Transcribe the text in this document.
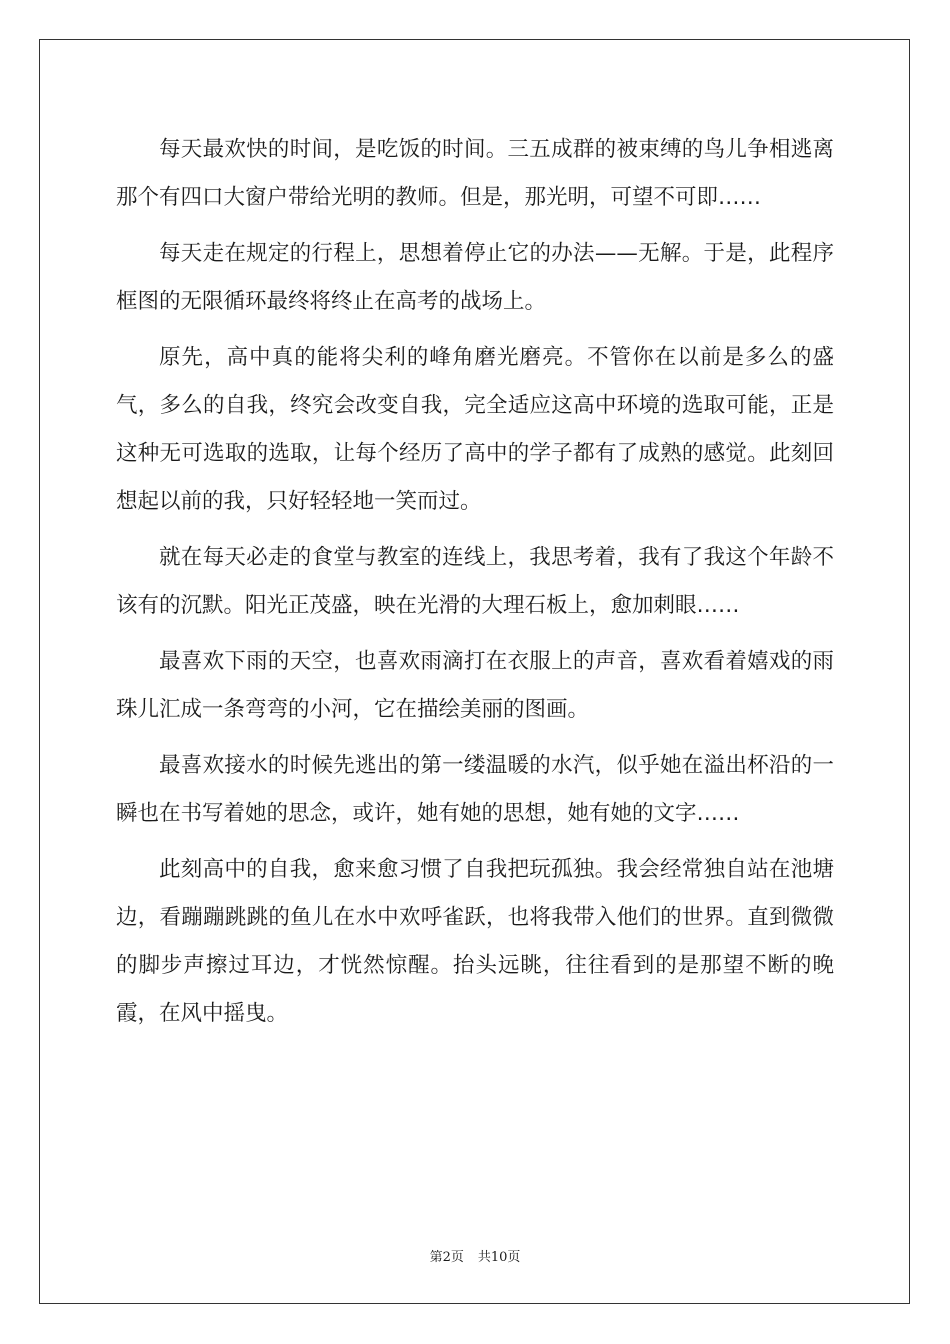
每天最欢快的时间，是吃饭的时间。三五成群的被束缚的鸟儿争相逃离那个有四口大窗户带给光明的教师。但是，那光明，可望不可即……

每天走在规定的行程上，思想着停止它的办法——无解。于是，此程序框图的无限循环最终将终止在高考的战场上。

原先，高中真的能将尖利的峰角磨光磨亮。不管你在以前是多么的盛气，多么的自我，终究会改变自我，完全适应这高中环境的选取可能，正是这种无可选取的选取，让每个经历了高中的学子都有了成熟的感觉。此刻回想起以前的我，只好轻轻地一笑而过。

就在每天必走的食堂与教室的连线上，我思考着，我有了我这个年龄不该有的沉默。阳光正茂盛，映在光滑的大理石板上，愈加刺眼……

最喜欢下雨的天空，也喜欢雨滴打在衣服上的声音，喜欢看着嬉戏的雨珠儿汇成一条弯弯的小河，它在描绘美丽的图画。

最喜欢接水的时候先逃出的第一缕温暖的水汽，似乎她在溢出杯沿的一瞬也在书写着她的思念，或许，她有她的思想，她有她的文字……

此刻高中的自我，愈来愈习惯了自我把玩孤独。我会经常独自站在池塘边，看蹦蹦跳跳的鱼儿在水中欢呼雀跃，也将我带入他们的世界。直到微微的脚步声擦过耳边，才恍然惊醒。抬头远眺，往往看到的是那望不断的晚霞，在风中摇曳。

第2页 共10页
